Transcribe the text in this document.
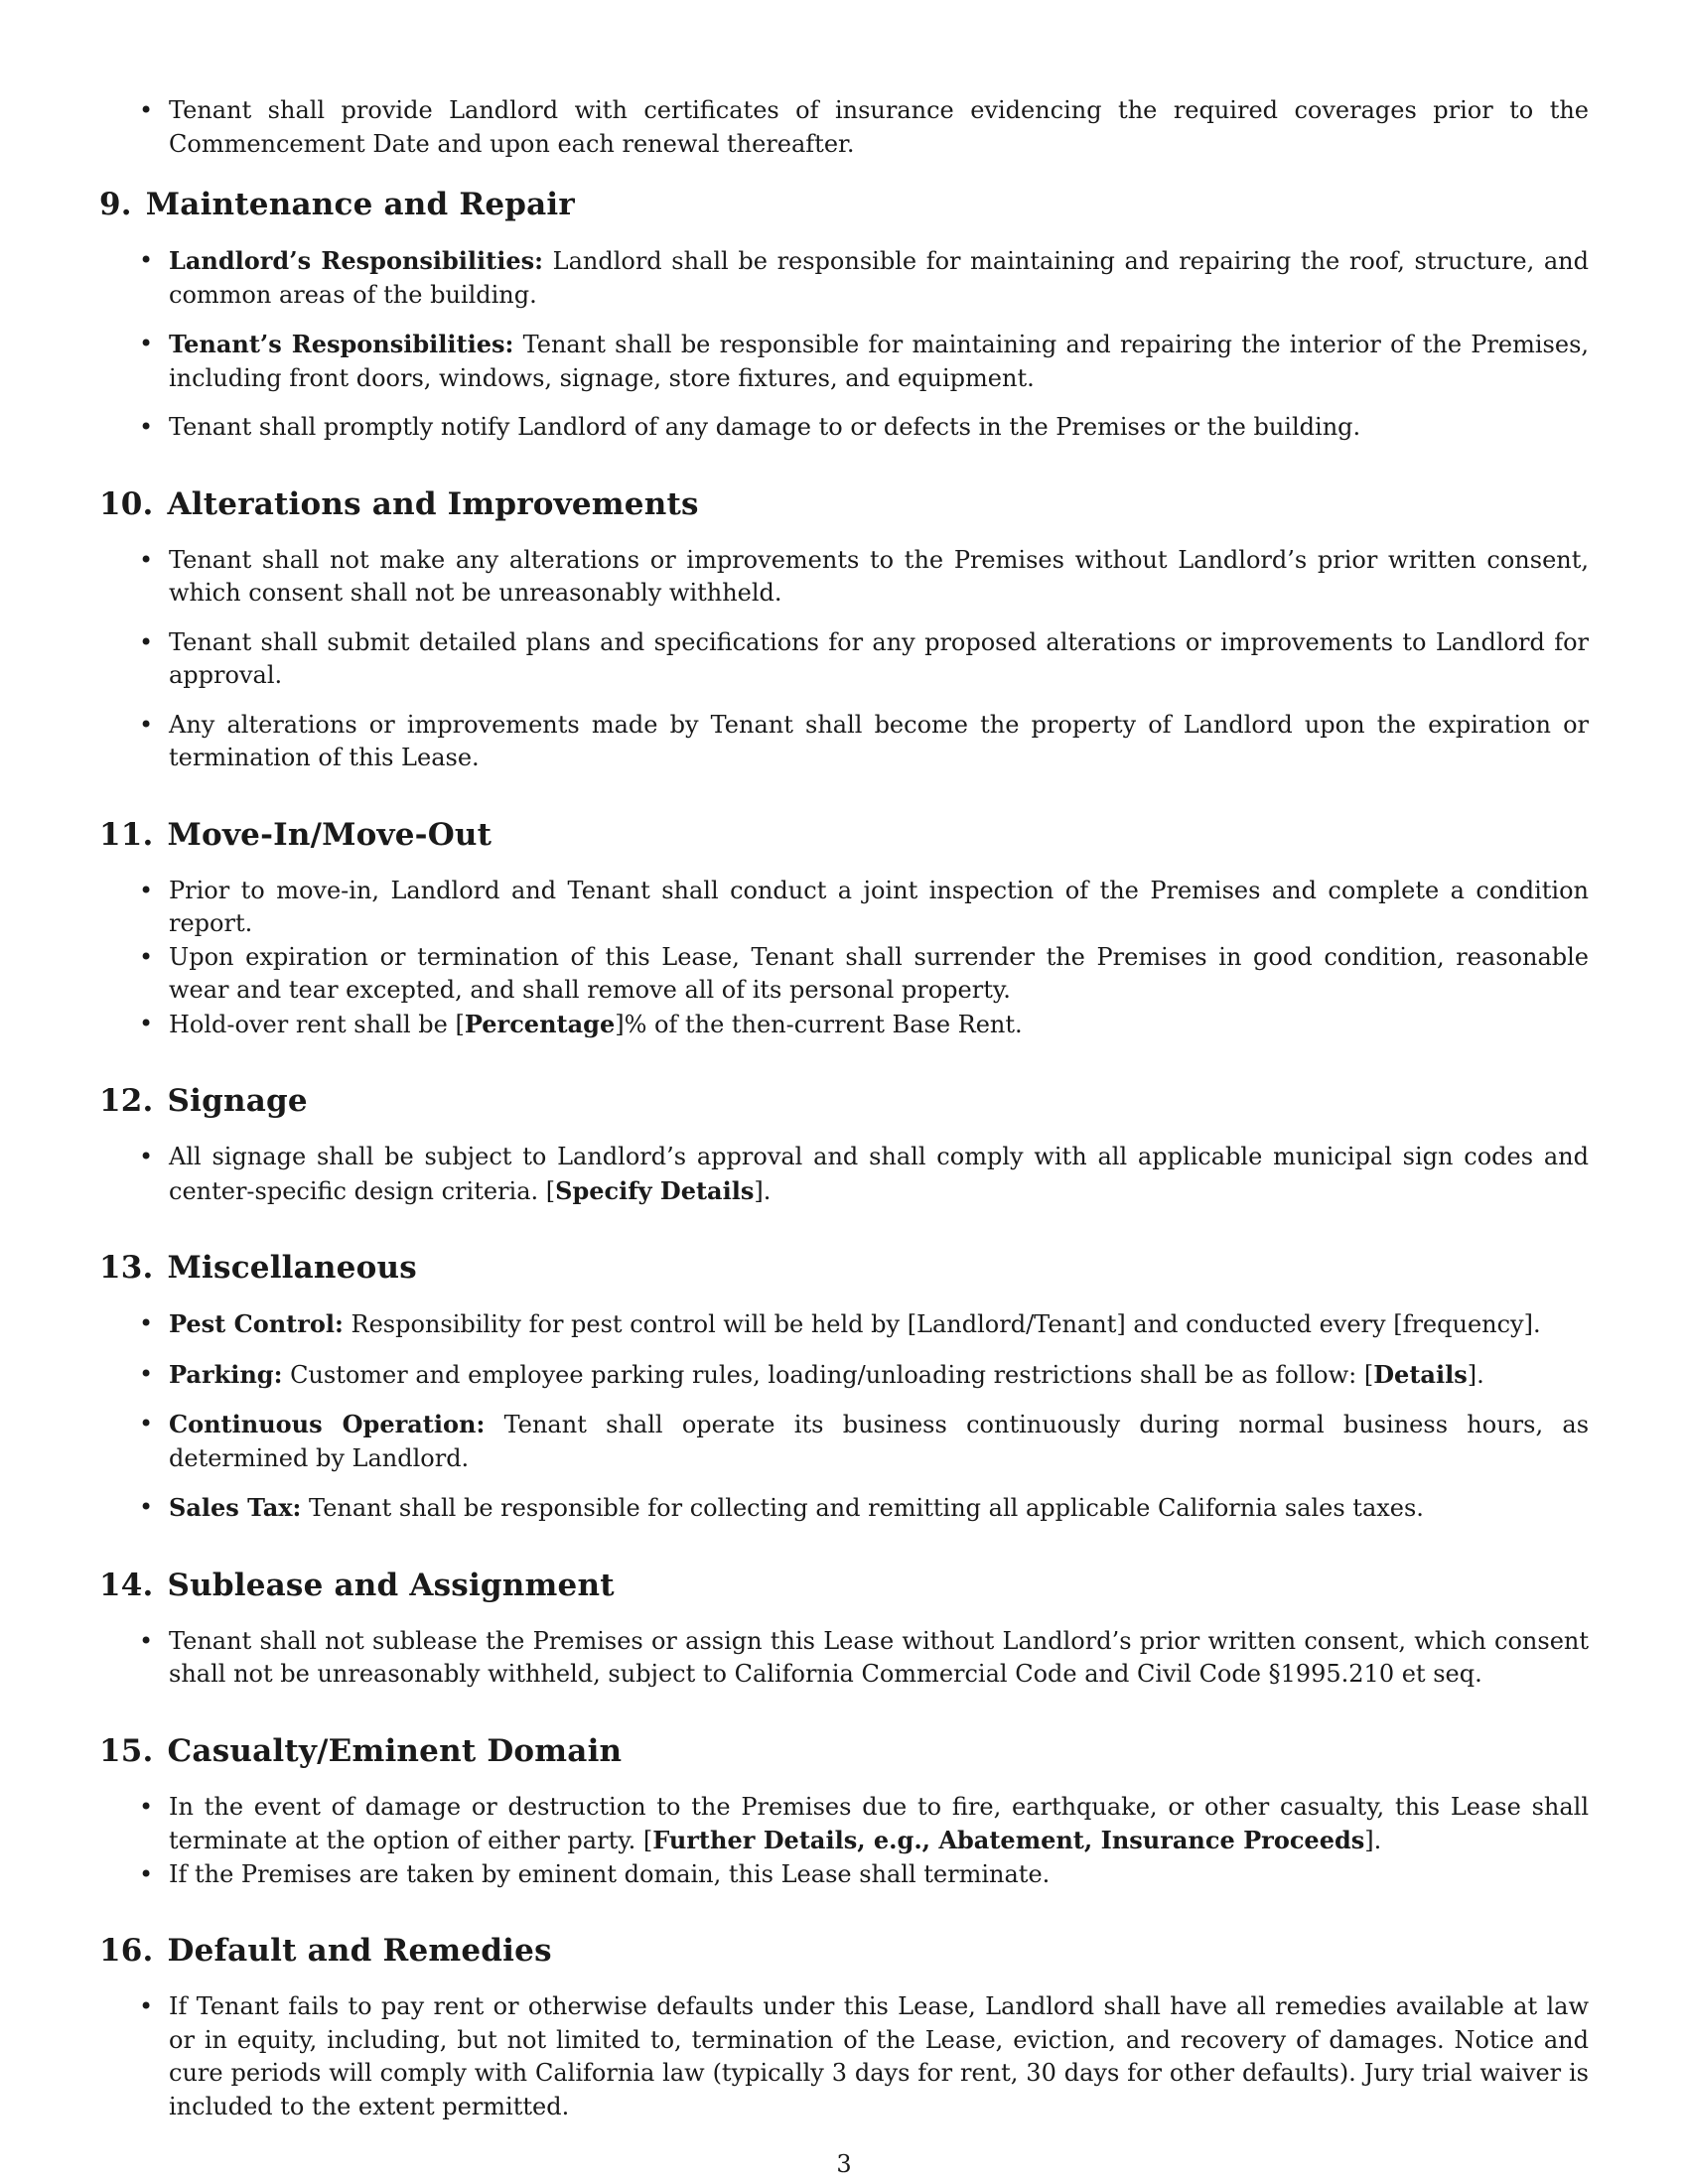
• Tenant shall provide Landlord with certificates of insurance evidencing the required coverages prior to the Commencement Date and upon each renewal thereafter.
9. Maintenance and Repair
• Landlord’s Responsibilities: Landlord shall be responsible for maintaining and repairing the roof, structure, and common areas of the building.
• Tenant’s Responsibilities: Tenant shall be responsible for maintaining and repairing the interior of the Premises, including front doors, windows, signage, store fixtures, and equipment.
• Tenant shall promptly notify Landlord of any damage to or defects in the Premises or the building.
10. Alterations and Improvements
• Tenant shall not make any alterations or improvements to the Premises without Landlord’s prior written consent, which consent shall not be unreasonably withheld.
• Tenant shall submit detailed plans and specifications for any proposed alterations or improvements to Landlord for approval.
• Any alterations or improvements made by Tenant shall become the property of Landlord upon the expiration or termination of this Lease.
11. Move-In/Move-Out
• Prior to move-in, Landlord and Tenant shall conduct a joint inspection of the Premises and complete a condition report.
• Upon expiration or termination of this Lease, Tenant shall surrender the Premises in good condition, reasonable wear and tear excepted, and shall remove all of its personal property.
• Hold-over rent shall be [Percentage]% of the then-current Base Rent.
12. Signage
• All signage shall be subject to Landlord’s approval and shall comply with all applicable municipal sign codes and center-specific design criteria. [Specify Details].
13. Miscellaneous
• Pest Control: Responsibility for pest control will be held by [Landlord/Tenant] and conducted every [frequency].
• Parking: Customer and employee parking rules, loading/unloading restrictions shall be as follow: [Details].
• Continuous Operation: Tenant shall operate its business continuously during normal business hours, as determined by Landlord.
• Sales Tax: Tenant shall be responsible for collecting and remitting all applicable California sales taxes.
14. Sublease and Assignment
• Tenant shall not sublease the Premises or assign this Lease without Landlord’s prior written consent, which consent shall not be unreasonably withheld, subject to California Commercial Code and Civil Code §1995.210 et seq.
15. Casualty/Eminent Domain
• In the event of damage or destruction to the Premises due to fire, earthquake, or other casualty, this Lease shall terminate at the option of either party. [Further Details, e.g., Abatement, Insurance Proceeds].
• If the Premises are taken by eminent domain, this Lease shall terminate.
16. Default and Remedies
• If Tenant fails to pay rent or otherwise defaults under this Lease, Landlord shall have all remedies available at law or in equity, including, but not limited to, termination of the Lease, eviction, and recovery of damages. Notice and cure periods will comply with California law (typically 3 days for rent, 30 days for other defaults). Jury trial waiver is included to the extent permitted.
3
